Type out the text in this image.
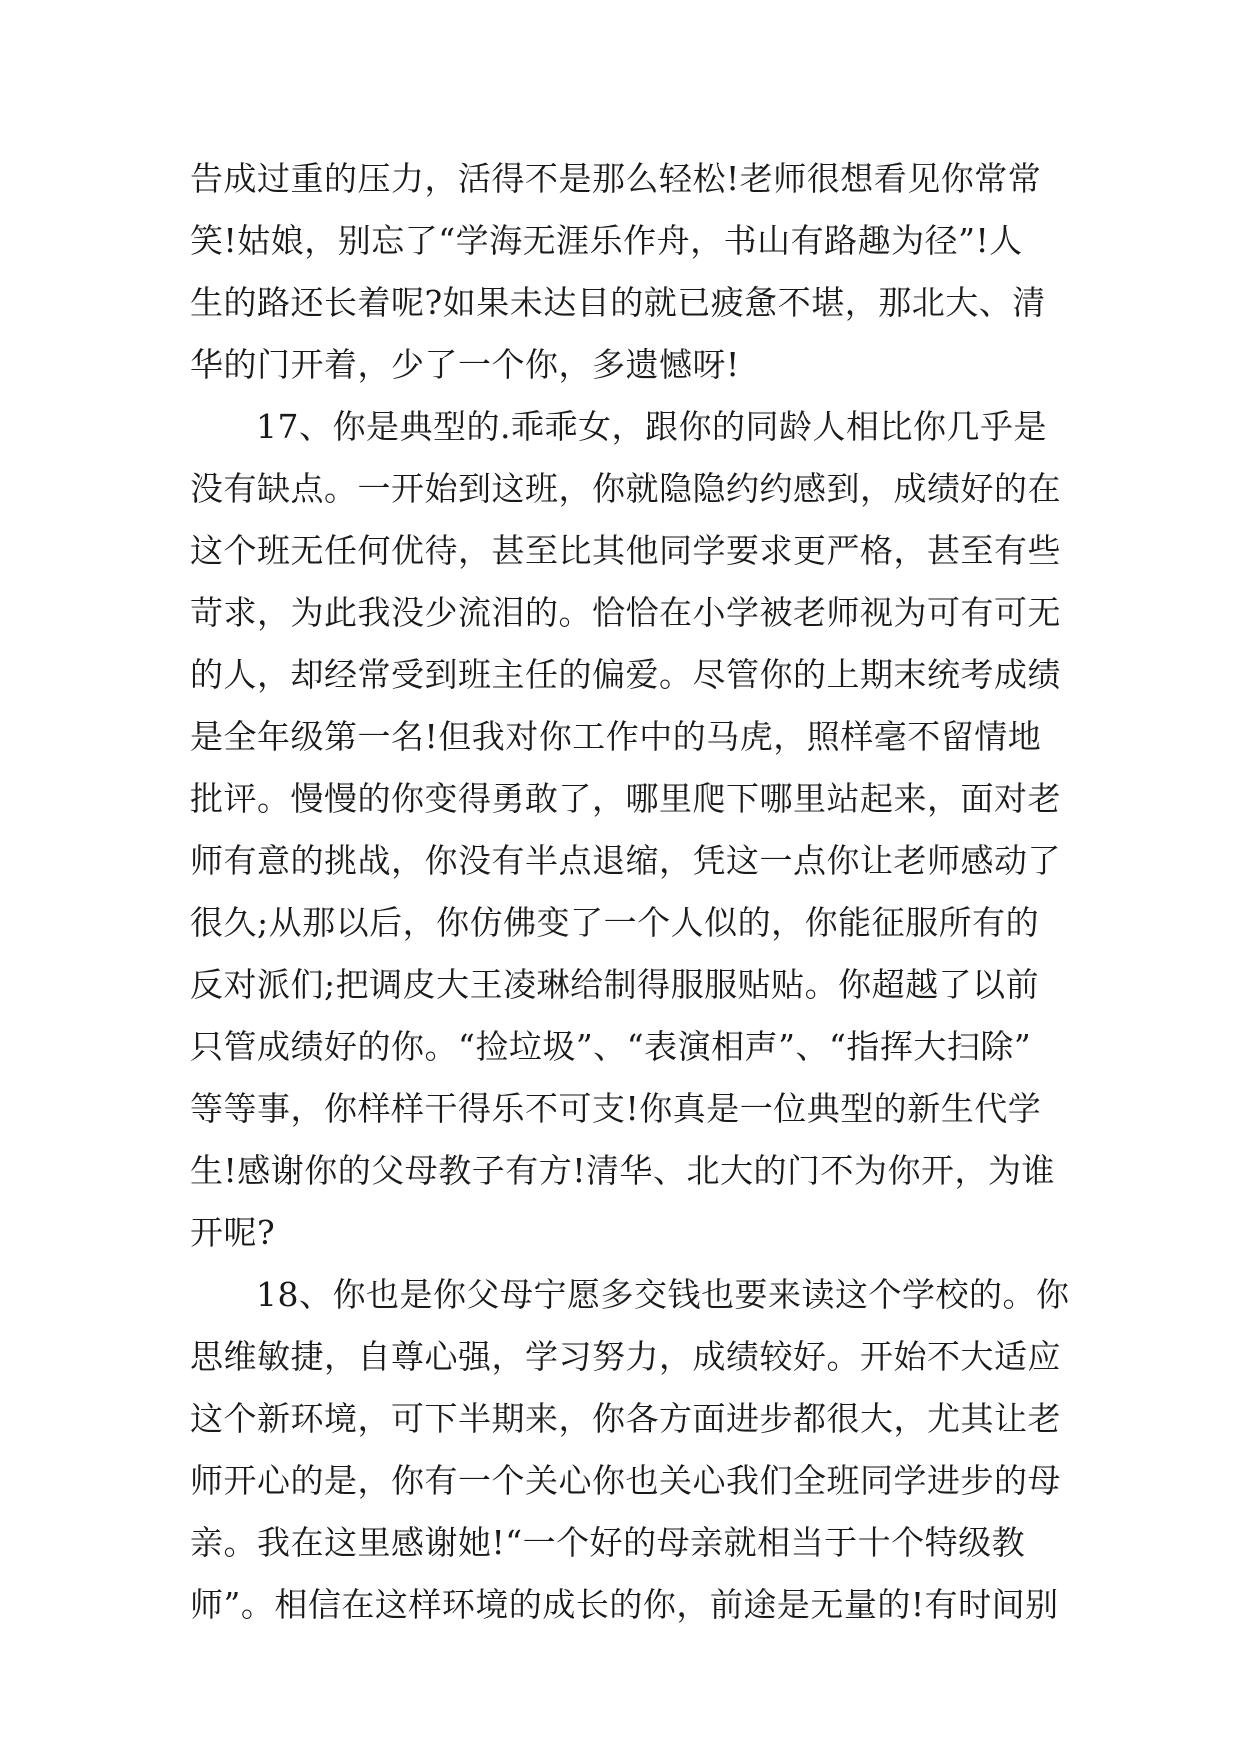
告成过重的压力，活得不是那么轻松!老师很想看见你常常
笑!姑娘，别忘了“学海无涯乐作舟，书山有路趣为径”!人
生的路还长着呢?如果未达目的就已疲惫不堪，那北大、清
华的门开着，少了一个你，多遗憾呀!
17、你是典型的.乖乖女，跟你的同龄人相比你几乎是
没有缺点。一开始到这班，你就隐隐约约感到，成绩好的在
这个班无任何优待，甚至比其他同学要求更严格，甚至有些
苛求，为此我没少流泪的。恰恰在小学被老师视为可有可无
的人，却经常受到班主任的偏爱。尽管你的上期末统考成绩
是全年级第一名!但我对你工作中的马虎，照样毫不留情地
批评。慢慢的你变得勇敢了，哪里爬下哪里站起来，面对老
师有意的挑战，你没有半点退缩，凭这一点你让老师感动了
很久;从那以后，你仿佛变了一个人似的，你能征服所有的
反对派们;把调皮大王凌琳给制得服服贴贴。你超越了以前
只管成绩好的你。“捡垃圾”、“表演相声”、“指挥大扫除”
等等事，你样样干得乐不可支!你真是一位典型的新生代学
生!感谢你的父母教子有方!清华、北大的门不为你开，为谁
开呢?
18、你也是你父母宁愿多交钱也要来读这个学校的。你
思维敏捷，自尊心强，学习努力，成绩较好。开始不大适应
这个新环境，可下半期来，你各方面进步都很大，尤其让老
师开心的是，你有一个关心你也关心我们全班同学进步的母
亲。我在这里感谢她!“一个好的母亲就相当于十个特级教
师”。相信在这样环境的成长的你，前途是无量的!有时间别
